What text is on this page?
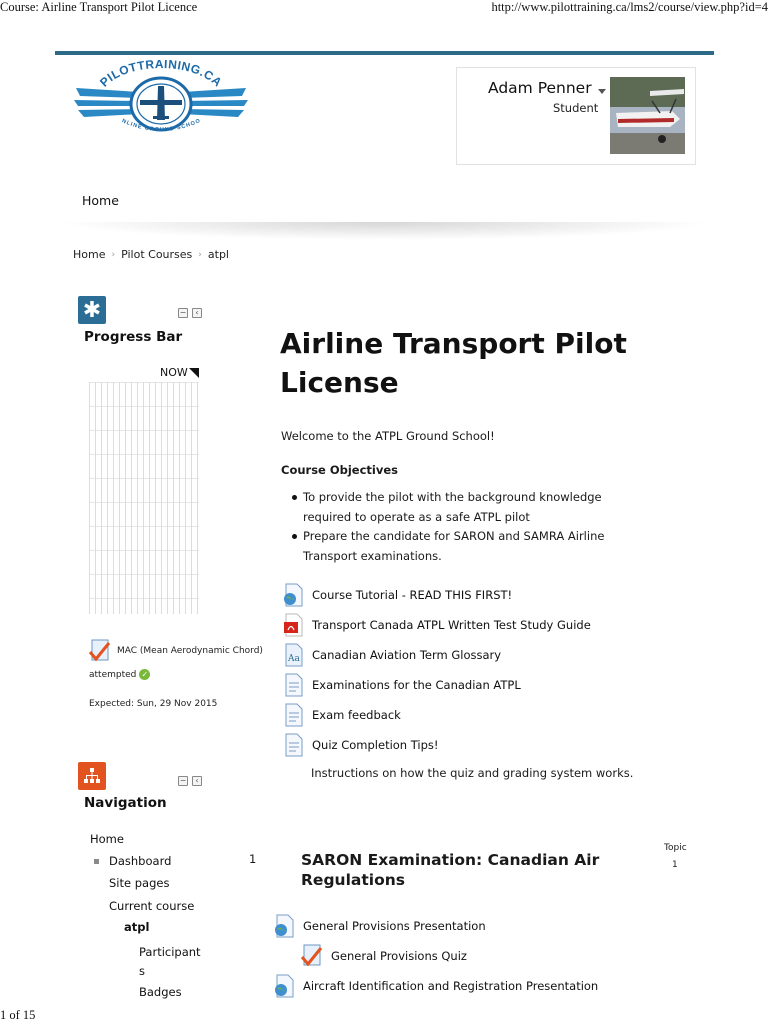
Course: Airline Transport Pilot Licence	http://www.pilottraining.ca/lms2/course/view.php?id=4
1 of 15
PILOTTRAINING.CA
NLINE GROUND SCHOO
Adam Penner
Student
Home
Home › Pilot Courses › atpl
✱	−	‹
Progress Bar
NOW
MAC (Mean Aerodynamic Chord)
attempted ✓
Expected: Sun, 29 Nov 2015
−	‹
Navigation
Home
Dashboard
Site pages
Current course
atpl
Participants
Badges
Airline Transport Pilot License
Welcome to the ATPL Ground School!
Course Objectives
To provide the pilot with the background knowledge required to operate as a safe ATPL pilot
Prepare the candidate for SARON and SAMRA Airline Transport examinations.
Course Tutorial - READ THIS FIRST!
Transport Canada ATPL Written Test Study Guide
Aa Canadian Aviation Term Glossary
Examinations for the Canadian ATPL
Exam feedback
Quiz Completion Tips!
Instructions on how the quiz and grading system works.
1	SARON Examination: Canadian Air Regulations
Topic
1
General Provisions Presentation
General Provisions Quiz
Aircraft Identification and Registration Presentation
